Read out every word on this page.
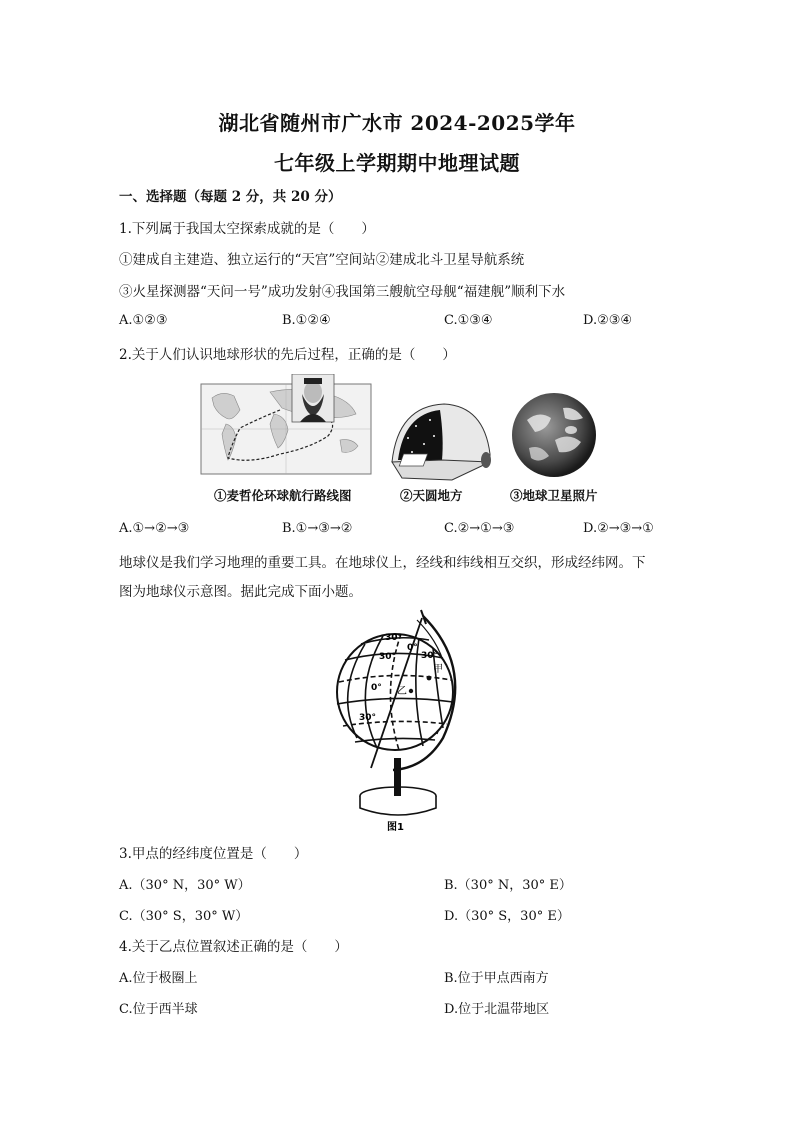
湖北省随州市广水市 2024-2025学年
七年级上学期期中地理试题
一、选择题（每题 2 分，共 20 分）
1.下列属于我国太空探索成就的是（　　）
①建成自主建造、独立运行的“天宫”空间站②建成北斗卫星导航系统
③火星探测器“天问一号”成功发射④我国第三艘航空母舰“福建舰”顺利下水
A.①②③	B.①②④	C.①③④	D.②③④
2.关于人们认识地球形状的先后过程，正确的是（　　）
①麦哲伦环球航行路线图	②天圆地方	③地球卫星照片
A.①→②→③	B.①→③→②	C.②→①→③	D.②→③→①
地球仪是我们学习地理的重要工具。在地球仪上，经线和纬线相互交织，形成经纬网。下
图为地球仪示意图。据此完成下面小题。
30°
0°
30°	30°
0°
30°
甲
乙
图1
3.甲点的经纬度位置是（　　）
A.（30° N，30° W）	B.（30° N，30° E）
C.（30° S，30° W）	D.（30° S，30° E）
4.关于乙点位置叙述正确的是（　　）
A.位于极圈上	B.位于甲点西南方
C.位于西半球	D.位于北温带地区
